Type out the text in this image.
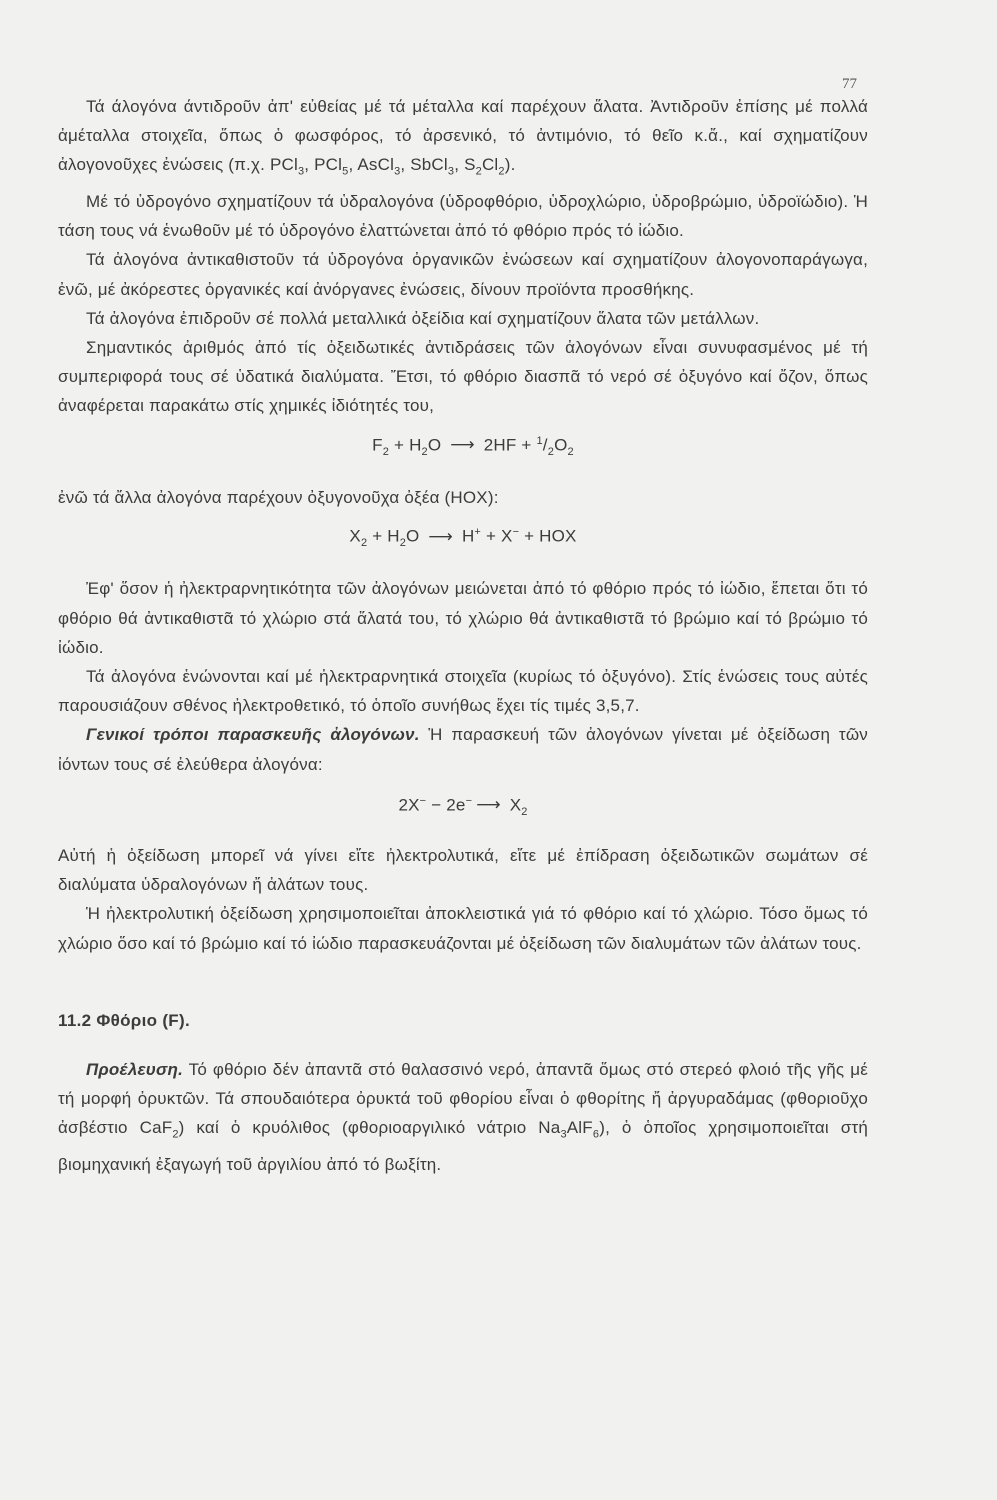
77

Τά άλογόνα άντιδροῦν ἀπ' εὐθείας μέ τά μέταλλα καί παρέχουν ἅλατα. Ἀντιδροῦν ἐπίσης μέ πολλά ἀμέταλλα στοιχεῖα, ὅπως ὁ φωσφόρος, τό ἀρσενικό, τό ἀντιμόνιο, τό θεῖο κ.ἄ., καί σχηματίζουν ἀλογονοῦχες ἐνώσεις (π.χ. PCl$_3$, PCl$_5$, AsCl$_3$, SbCl$_3$, $S_2Cl_2$).

Μέ τό ὑδρογόνο σχηματίζουν τά ὑδραλογόνα (ὑδροφθόριο, ὑδροχλώριο, ὑδροβρώμιο, ὑδροϊώδιο). Ἡ τάση τους νά ἑνωθοῦν μέ τό ὑδρογόνο ἐλαττώνεται ἀπό τό φθόριο πρός τό ἰώδιο.

Τά ἀλογόνα ἀντικαθιστοῦν τά ὑδρογόνα ὀργανικῶν ἐνώσεων καί σχηματίζουν ἀλογονοπαράγωγα, ἐνῶ, μέ ἀκόρεστες ὀργανικές καί ἀνόργανες ἐνώσεις, δίνουν προϊόντα προσθήκης.

Τά ἀλογόνα ἐπιδροῦν σέ πολλά μεταλλικά ὀξείδια καί σχηματίζουν ἅλατα τῶν μετάλλων.

Σημαντικός ἀριθμός ἀπό τίς ὀξειδωτικές ἀντιδράσεις τῶν ἀλογόνων εἶναι συνυφασμένος μέ τή συμπεριφορά τους σέ ὑδατικά διαλύματα. Ἔτσι, τό φθόριο διασπᾶ τό νερό σέ ὀξυγόνο καί ὄζον, ὅπως ἀναφέρεται παρακάτω στίς χημικές ἰδιότητές του,

$F_2 + H_2O$ ⟶ $2HF + ^1/_2O_2$

ἐνῶ τά ἄλλα ἀλογόνα παρέχουν ὀξυγονοῦχα ὀξέα (HOX):

$X_2 + H_2O$ ⟶ H+ + X− + HOX

Ἐφ' ὅσον ἡ ἠλεκτραρνητικότητα τῶν ἀλογόνων μειώνεται ἀπό τό φθόριο πρός τό ἰώδιο, ἕπεται ὅτι τό φθόριο θά ἀντικαθιστᾶ τό χλώριο στά ἅλατά του, τό χλώριο θά ἀντικαθιστᾶ τό βρώμιο καί τό βρώμιο τό ἰώδιο.

Τά ἀλογόνα ἑνώνονται καί μέ ἠλεκτραρνητικά στοιχεῖα (κυρίως τό ὀξυγόνο). Στίς ἑνώσεις τους αὐτές παρουσιάζουν σθένος ἠλεκτροθετικό, τό ὁποῖο συνήθως ἔχει τίς τιμές 3,5,7.

Γενικοί τρόποι παρασκευῆς ἀλογόνων. Ἡ παρασκευή τῶν ἀλογόνων γίνεται μέ ὀξείδωση τῶν ἰόντων τους σέ ἐλεύθερα ἀλογόνα:

2X− − 2e− ⟶ $X_2$

Αὐτή ἡ ὀξείδωση μπορεῖ νά γίνει εἴτε ἠλεκτρολυτικά, εἴτε μέ ἐπίδραση ὀξειδωτικῶν σωμάτων σέ διαλύματα ὑδραλογόνων ἤ ἀλάτων τους.

Ἡ ἠλεκτρολυτική ὀξείδωση χρησιμοποιεῖται ἀποκλειστικά γιά τό φθόριο καί τό χλώριο. Τόσο ὅμως τό χλώριο ὅσο καί τό βρώμιο καί τό ἰώδιο παρασκευάζονται μέ ὀξείδωση τῶν διαλυμάτων τῶν ἀλάτων τους.

11.2 Φθόριο (F).

Προέλευση. Τό φθόριο δέν ἀπαντᾶ στό θαλασσινό νερό, ἀπαντᾶ ὅμως στό στερεό φλοιό τῆς γῆς μέ τή μορφή ὀρυκτῶν. Τά σπουδαιότερα ὀρυκτά τοῦ φθορίου εἶναι ὁ φθορίτης ἤ ἀργυραδάμας (φθοριοῦχο ἀσβέστιο CaF$_2$) καί ὁ κρυόλιθος (φθοριοαργιλικό νάτριο $Na_3AlF_6$), ὁ ὁποῖος χρησιμοποιεῖται στή βιομηχανική ἐξαγωγή τοῦ ἀργιλίου ἀπό τό βωξίτη.
